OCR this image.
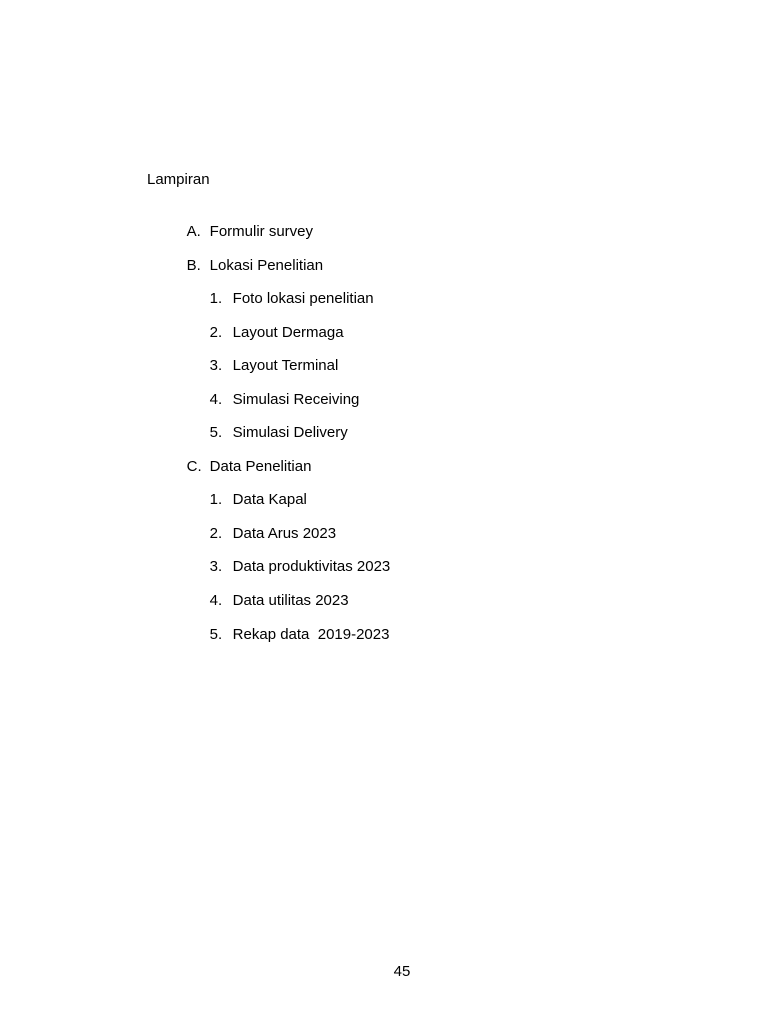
Lampiran

A. Formulir survey

B. Lokasi Penelitian

1. Foto lokasi penelitian

2. Layout Dermaga

3. Layout Terminal

4. Simulasi Receiving

5. Simulasi Delivery

C. Data Penelitian

1. Data Kapal

2. Data Arus 2023

3. Data produktivitas 2023

4. Data utilitas 2023

5. Rekap data  2019-2023

45
